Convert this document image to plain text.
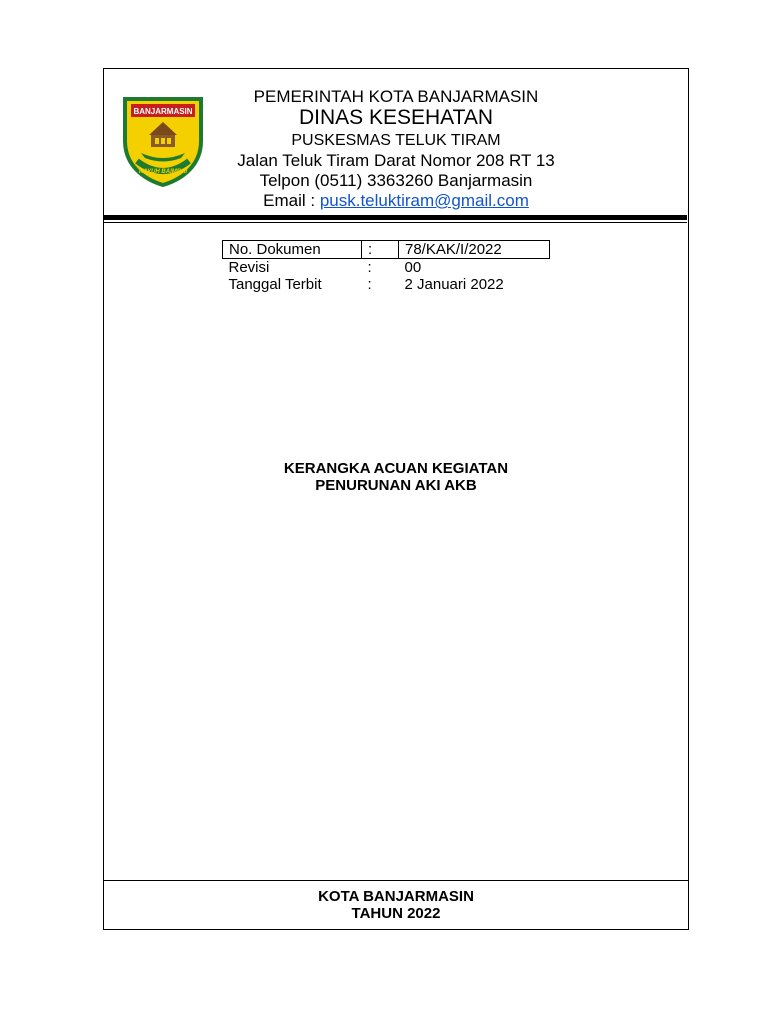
BANJARMASIN
KAYUH BAIMBAI
PEMERINTAH KOTA BANJARMASIN
DINAS KESEHATAN
PUSKESMAS TELUK TIRAM
Jalan Teluk Tiram Darat Nomor 208 RT 13
Telpon (0511) 3363260 Banjarmasin
Email : pusk.teluktiram@gmail.com
No. Dokumen	:	78/KAK/I/2022
Revisi	:	00
Tanggal Terbit	:	2 Januari 2022
KERANGKA ACUAN KEGIATAN
PENURUNAN AKI AKB
KOTA BANJARMASIN
TAHUN 2022
